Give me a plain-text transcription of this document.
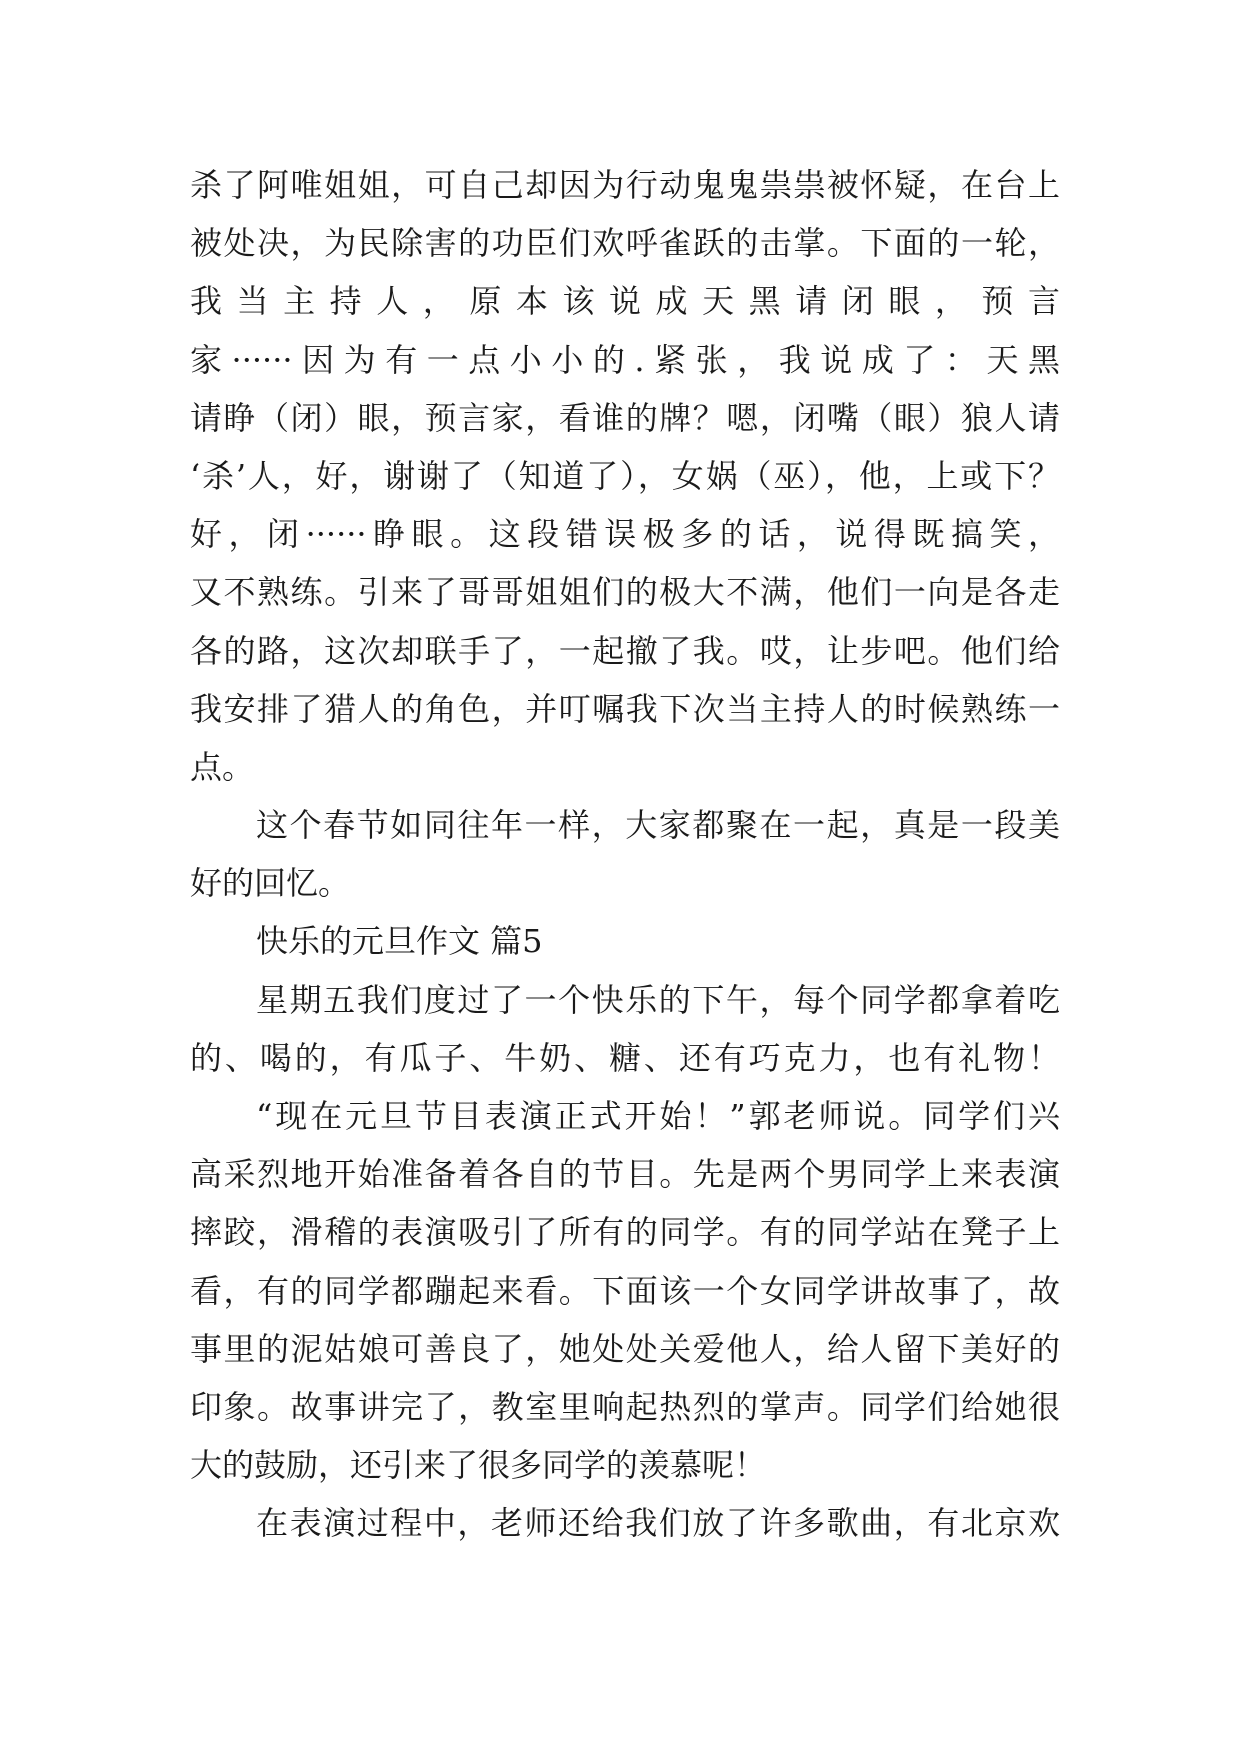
杀了阿唯姐姐，可自己却因为行动鬼鬼祟祟被怀疑，在台上
被处决，为民除害的功臣们欢呼雀跃的击掌。下面的一轮，
我当主持人，原本该说成天黑请闭眼，预言
家······因为有一点小小的.紧张，我说成了：天黑
请睁（闭）眼，预言家，看谁的牌？嗯，闭嘴（眼）狼人请
‘杀’人，好，谢谢了（知道了），女娲（巫），他，上或下？
好，闭······睁眼。这段错误极多的话，说得既搞笑，
又不熟练。引来了哥哥姐姐们的极大不满，他们一向是各走
各的路，这次却联手了，一起撤了我。哎，让步吧。他们给
我安排了猎人的角色，并叮嘱我下次当主持人的时候熟练一
点。
这个春节如同往年一样，大家都聚在一起，真是一段美
好的回忆。
快乐的元旦作文 篇5
星期五我们度过了一个快乐的下午，每个同学都拿着吃
的、喝的，有瓜子、牛奶、糖、还有巧克力，也有礼物！
“现在元旦节目表演正式开始！”郭老师说。同学们兴
高采烈地开始准备着各自的节目。先是两个男同学上来表演
摔跤，滑稽的表演吸引了所有的同学。有的同学站在凳子上
看，有的同学都蹦起来看。下面该一个女同学讲故事了，故
事里的泥姑娘可善良了，她处处关爱他人，给人留下美好的
印象。故事讲完了，教室里响起热烈的掌声。同学们给她很
大的鼓励，还引来了很多同学的羡慕呢！
在表演过程中，老师还给我们放了许多歌曲，有北京欢
